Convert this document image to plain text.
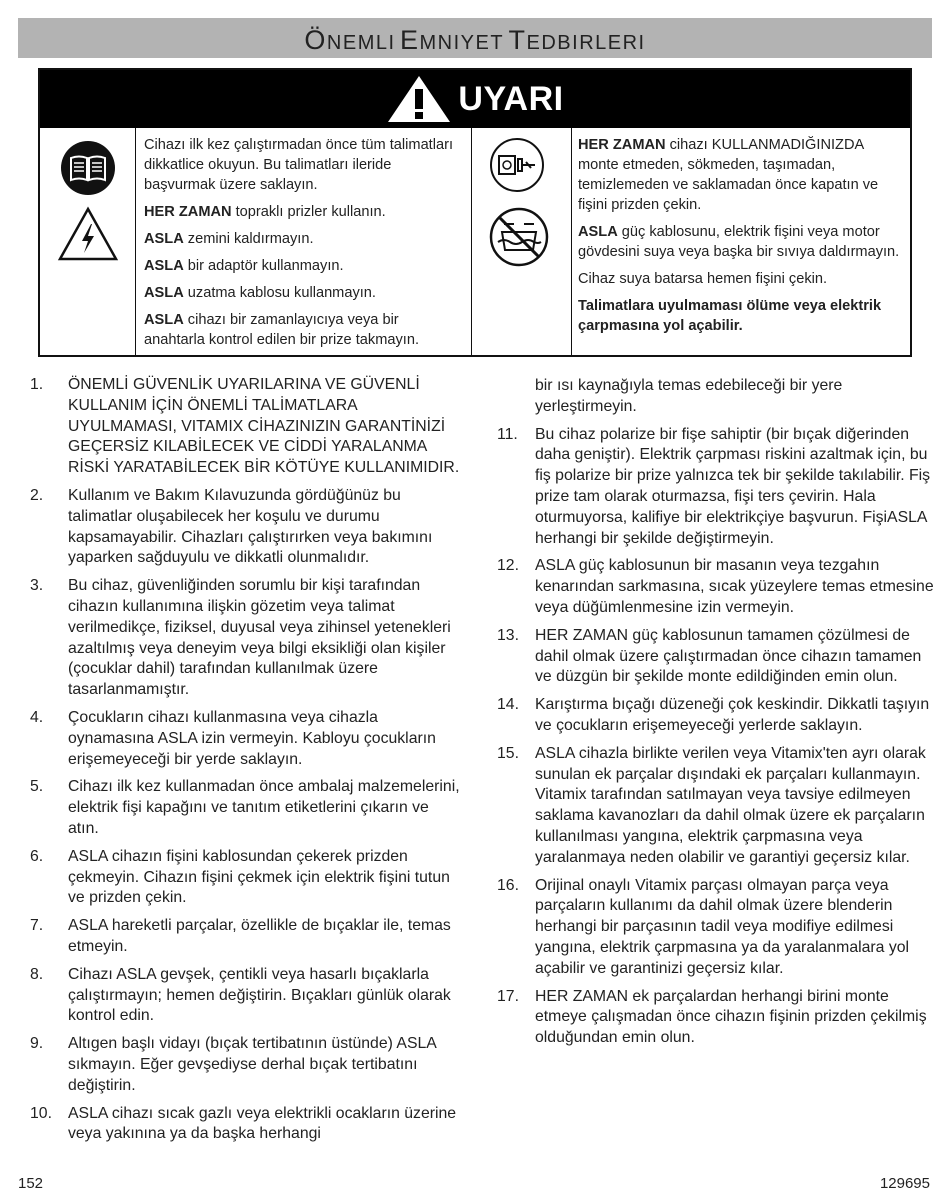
ÖNEMLI EMNIYET TEDBIRLERI
UYARI

Cihazı ilk kez çalıştırmadan önce tüm talimatları dikkatlice okuyun. Bu talimatları ileride başvurmak üzere saklayın.

HER ZAMAN topraklı prizler kullanın.

ASLA zemini kaldırmayın.

ASLA bir adaptör kullanmayın.

ASLA uzatma kablosu kullanmayın.

ASLA cihazı bir zamanlayıcıya veya bir anahtarla kontrol edilen bir prize takmayın.

HER ZAMAN cihazı KULLANMADIĞINIZDA monte etmeden, sökmeden, taşımadan, temizlemeden ve saklamadan önce kapatın ve fişini prizden çekin.

ASLA güç kablosunu, elektrik fişini veya motor gövdesini suya veya başka bir sıvıya daldırmayın.

Cihaz suya batarsa hemen fişini çekin.

Talimatlara uyulmaması ölüme veya elektrik çarpmasına yol açabilir.

1.	ÖNEMLİ GÜVENLİK UYARILARINA VE GÜVENLİ KULLANIM İÇİN ÖNEMLİ TALİMATLARA UYULMAMASI, VITAMIX CİHAZINIZIN GARANTİNİZİ GEÇERSİZ KILABİLECEK VE CİDDİ YARALANMA RİSKİ YARATABİLECEK BİR KÖTÜYE KULLANIMIDIR.
2.	Kullanım ve Bakım Kılavuzunda gördüğünüz bu talimatlar oluşabilecek her koşulu ve durumu kapsamayabilir. Cihazları çalıştırırken veya bakımını yaparken sağduyulu ve dikkatli olunmalıdır.
3.	Bu cihaz, güvenliğinden sorumlu bir kişi tarafından cihazın kullanımına ilişkin gözetim veya talimat verilmedikçe, fiziksel, duyusal veya zihinsel yetenekleri azaltılmış veya deneyim veya bilgi eksikliği olan kişiler (çocuklar dahil) tarafından kullanılmak üzere tasarlanmamıştır.
4.	Çocukların cihazı kullanmasına veya cihazla oynamasına ASLA izin vermeyin. Kabloyu çocukların erişemeyeceği bir yerde saklayın.
5.	Cihazı ilk kez kullanmadan önce ambalaj malzemelerini, elektrik fişi kapağını ve tanıtım etiketlerini çıkarın ve atın.
6.	ASLA cihazın fişini kablosundan çekerek prizden çekmeyin. Cihazın fişini çekmek için elektrik fişini tutun ve prizden çekin.
7.	ASLA hareketli parçalar, özellikle de bıçaklar ile, temas etmeyin.
8.	Cihazı ASLA gevşek, çentikli veya hasarlı bıçaklarla çalıştırmayın; hemen değiştirin. Bıçakları günlük olarak kontrol edin.
9.	Altıgen başlı vidayı (bıçak tertibatının üstünde) ASLA sıkmayın. Eğer gevşediyse derhal bıçak tertibatını değiştirin.
10.	ASLA cihazı sıcak gazlı veya elektrikli ocakların üzerine veya yakınına ya da başka herhangi
bir ısı kaynağıyla temas edebileceği bir yere yerleştirmeyin.
11.	Bu cihaz polarize bir fişe sahiptir (bir bıçak diğerinden daha geniştir). Elektrik çarpması riskini azaltmak için, bu fiş polarize bir prize yalnızca tek bir şekilde takılabilir. Fiş prize tam olarak oturmazsa, fişi ters çevirin. Hala oturmuyorsa, kalifiye bir elektrikçiye başvurun. FişiASLA herhangi bir şekilde değiştirmeyin.
12.	ASLA güç kablosunun bir masanın veya tezgahın kenarından sarkmasına, sıcak yüzeylere temas etmesine veya düğümlenmesine izin vermeyin.
13.	HER ZAMAN güç kablosunun tamamen çözülmesi de dahil olmak üzere çalıştırmadan önce cihazın tamamen ve düzgün bir şekilde monte edildiğinden emin olun.
14.	Karıştırma bıçağı düzeneği çok keskindir. Dikkatli taşıyın ve çocukların erişemeyeceği yerlerde saklayın.
15.	ASLA cihazla birlikte verilen veya Vitamix'ten ayrı olarak sunulan ek parçalar dışındaki ek parçaları kullanmayın. Vitamix tarafından satılmayan veya tavsiye edilmeyen saklama kavanozları da dahil olmak üzere ek parçaların kullanılması yangına, elektrik çarpmasına veya yaralanmaya neden olabilir ve garantiyi geçersiz kılar.
16.	Orijinal onaylı Vitamix parçası olmayan parça veya parçaların kullanımı da dahil olmak üzere blenderin herhangi bir parçasının tadil veya modifiye edilmesi yangına, elektrik çarpmasına ya da yaralanmalara yol açabilir ve garantinizi geçersiz kılar.
17.	HER ZAMAN ek parçalardan herhangi birini monte etmeye çalışmadan önce cihazın fişinin prizden çekilmiş olduğundan emin olun.
152	129695
